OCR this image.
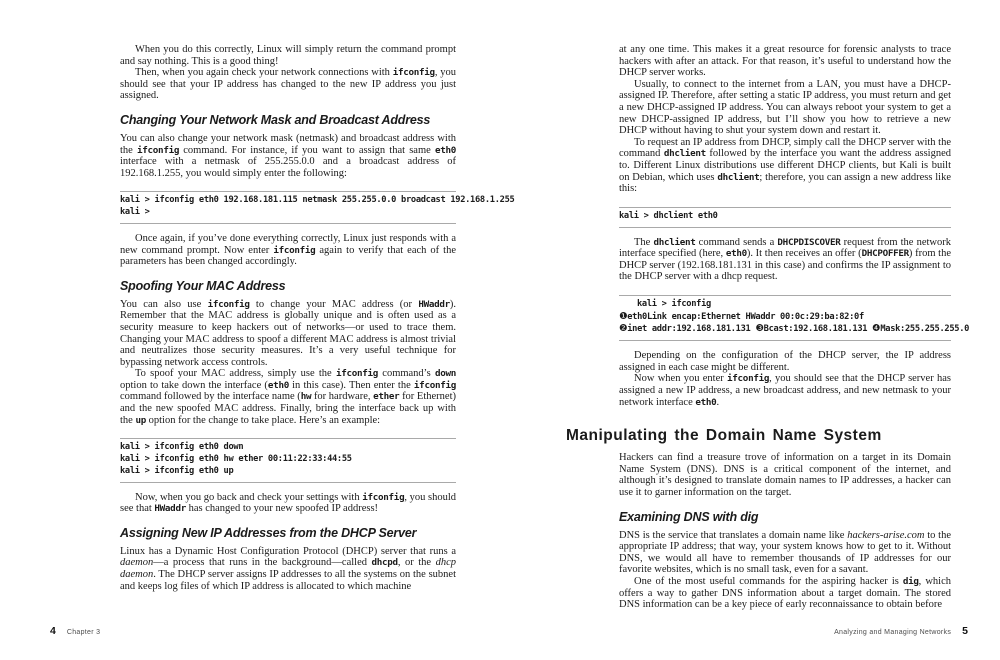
When you do this correctly, Linux will simply return the command prompt and say nothing. This is a good thing!

Then, when you again check your network connections with ifconfig, you should see that your IP address has changed to the new IP address you just assigned.

Changing Your Network Mask and Broadcast Address

You can also change your network mask (netmask) and broadcast address with the ifconfig command. For instance, if you want to assign that same eth0 interface with a netmask of 255.255.0.0 and a broadcast address of 192.168.1.255, you would simply enter the following:

kali > ifconfig eth0 192.168.181.115 netmask 255.255.0.0 broadcast 192.168.1.255
kali >

Once again, if you’ve done everything correctly, Linux just responds with a new command prompt. Now enter ifconfig again to verify that each of the parameters has been changed accordingly.

Spoofing Your MAC Address

You can also use ifconfig to change your MAC address (or HWaddr). Remember that the MAC address is globally unique and is often used as a security measure to keep hackers out of networks—or used to trace them. Changing your MAC address to spoof a different MAC address is almost trivial and neutralizes those security measures. It’s a very useful technique for bypassing network access controls.

To spoof your MAC address, simply use the ifconfig command’s down option to take down the interface (eth0 in this case). Then enter the ifconfig command followed by the interface name (hw for hardware, ether for Ethernet) and the new spoofed MAC address. Finally, bring the interface back up with the up option for the change to take place. Here’s an example:

kali > ifconfig eth0 down
kali > ifconfig eth0 hw ether 00:11:22:33:44:55
kali > ifconfig eth0 up

Now, when you go back and check your settings with ifconfig, you should see that HWaddr has changed to your new spoofed IP address!

Assigning New IP Addresses from the DHCP Server

Linux has a Dynamic Host Configuration Protocol (DHCP) server that runs a daemon—a process that runs in the background—called dhcpd, or the dhcp daemon. The DHCP server assigns IP addresses to all the systems on the subnet and keeps log files of which IP address is allocated to which machine

at any one time. This makes it a great resource for forensic analysts to trace hackers with after an attack. For that reason, it’s useful to understand how the DHCP server works.

Usually, to connect to the internet from a LAN, you must have a DHCP-assigned IP. Therefore, after setting a static IP address, you must return and get a new DHCP-assigned IP address. You can always reboot your system to get a new DHCP-assigned IP address, but I’ll show you how to retrieve a new DHCP without having to shut your system down and restart it.

To request an IP address from DHCP, simply call the DHCP server with the command dhclient followed by the interface you want the address assigned to. Different Linux distributions use different DHCP clients, but Kali is built on Debian, which uses dhclient; therefore, you can assign a new address like this:

kali > dhclient eth0

The dhclient command sends a DHCPDISCOVER request from the network interface specified (here, eth0). It then receives an offer (DHCPOFFER) from the DHCP server (192.168.181.131 in this case) and confirms the IP assignment to the DHCP server with a dhcp request.

kali > ifconfig
❶eth0Link encap:Ethernet HWaddr 00:0c:29:ba:82:0f
❷inet addr:192.168.181.131 ❸Bcast:192.168.181.131 ❹Mask:255.255.255.0

Depending on the configuration of the DHCP server, the IP address assigned in each case might be different.

Now when you enter ifconfig, you should see that the DHCP server has assigned a new IP address, a new broadcast address, and new netmask to your network interface eth0.

Manipulating the Domain Name System

Hackers can find a treasure trove of information on a target in its Domain Name System (DNS). DNS is a critical component of the internet, and although it’s designed to translate domain names to IP addresses, a hacker can use it to garner information on the target.

Examining DNS with dig

DNS is the service that translates a domain name like hackers-arise.com to the appropriate IP address; that way, your system knows how to get to it. Without DNS, we would all have to remember thousands of IP addresses for our favorite websites, which is no small task, even for a savant.

One of the most useful commands for the aspiring hacker is dig, which offers a way to gather DNS information about a target domain. The stored DNS information can be a key piece of early reconnaissance to obtain before

4 Chapter 3	Analyzing and Managing Networks 5
